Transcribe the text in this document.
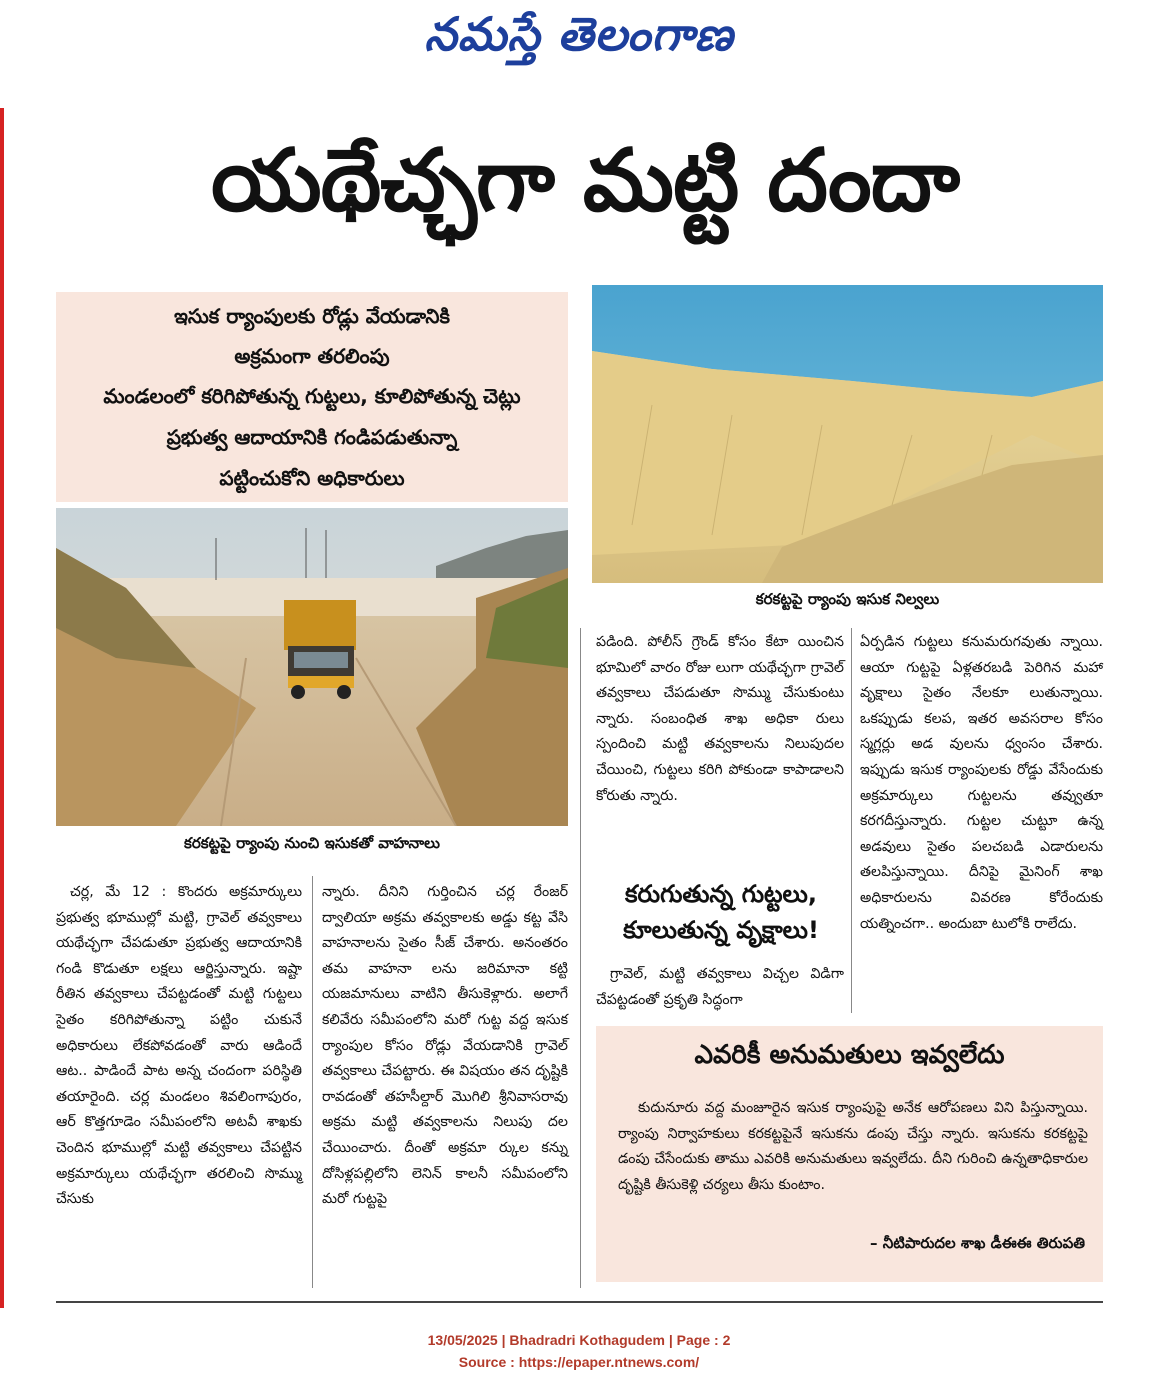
నమస్తే తెలంగాణ
యథేచ్ఛగా మట్టి దందా
ఇసుక ర్యాంపులకు రోడ్లు వేయడానికి
అక్రమంగా తరలింపు
మండలంలో కరిగిపోతున్న గుట్టలు, కూలిపోతున్న చెట్లు
ప్రభుత్వ ఆదాయానికి గండిపడుతున్నా
పట్టించుకోని అధికారులు
కరకట్టపై ర్యాంపు నుంచి ఇసుకతో వాహనాలు
కరకట్టపై ర్యాంపు ఇసుక నిల్వలు

చర్ల, మే 12 : కొందరు అక్రమార్కులు ప్రభుత్వ భూముల్లో మట్టి, గ్రావెల్ తవ్వకాలు యథేచ్ఛగా చేపడుతూ ప్రభుత్వ ఆదాయానికి గండి కొడుతూ లక్షలు ఆర్జిస్తున్నారు. ఇష్టా రీతిన తవ్వకాలు చేపట్టడంతో మట్టి గుట్టలు సైతం కరిగిపోతున్నా పట్టిం చుకునే అధికారులు లేకపోవడంతో వారు ఆడిందే ఆట.. పాడిందే పాట అన్న చందంగా పరిస్థితి తయారైంది. చర్ల మండలం శివలింగాపురం, ఆర్ కొత్తగూడెం సమీపంలోని అటవీ శాఖకు చెందిన భూముల్లో మట్టి తవ్వకాలు చేపట్టిన అక్రమార్కులు యథేచ్ఛగా తరలించి సొమ్ము చేసుకు

న్నారు. దీనిని గుర్తించిన చర్ల రేంజర్ ద్వాలియా అక్రమ తవ్వకాలకు అడ్డు కట్ట వేసి వాహనాలను సైతం సీజ్ చేశారు. అనంతరం తమ వాహనా లను జరిమానా కట్టి యజమానులు వాటిని తీసుకెళ్లారు. అలాగే కలివేరు సమీపంలోని మరో గుట్ట వద్ద ఇసుక ర్యాంపుల కోసం రోడ్లు వేయడానికి గ్రావెల్ తవ్వకాలు చేపట్టారు. ఈ విషయం తన దృష్టికి రావడంతో తహసీల్దార్ మొగిలి శ్రీనివాసరావు అక్రమ మట్టి తవ్వకాలను నిలుపు దల చేయించారు. దీంతో అక్రమా ర్కుల కన్ను దోసిళ్లపల్లిలోని లెనిన్ కాలనీ సమీపంలోని మరో గుట్టపై

పడింది. పోలీస్ గ్రౌండ్ కోసం కేటా యించిన భూమిలో వారం రోజు లుగా యథేచ్ఛగా గ్రావెల్ తవ్వకాలు చేపడుతూ సొమ్ము చేసుకుంటు న్నారు. సంబంధిత శాఖ అధికా రులు స్పందించి మట్టి తవ్వకాలను నిలుపుదల చేయించి, గుట్టలు కరిగి పోకుండా కాపాడాలని కోరుతు న్నారు.

కరుగుతున్న గుట్టలు, కూలుతున్న వృక్షాలు!

గ్రావెల్, మట్టి తవ్వకాలు విచ్చల విడిగా చేపట్టడంతో ప్రకృతి సిద్ధంగా

ఏర్పడిన గుట్టలు కనుమరుగవుతు న్నాయి. ఆయా గుట్టపై ఏళ్లతరబడి పెరిగిన మహా వృక్షాలు సైతం నేలకూ లుతున్నాయి. ఒకప్పుడు కలప, ఇతర అవసరాల కోసం స్మగ్లర్లు అడ వులను ధ్వంసం చేశారు. ఇప్పుడు ఇసుక ర్యాంపులకు రోడ్డు వేసేందుకు అక్రమార్కులు గుట్టలను తవ్వుతూ కరగదీస్తున్నారు. గుట్టల చుట్టూ ఉన్న అడవులు సైతం పలచబడి ఎడారులను తలపిస్తున్నాయి. దీనిపై మైనింగ్ శాఖ అధికారులను వివరణ కోరేందుకు యత్నించగా.. అందుబా టులోకి రాలేదు.

ఎవరికీ అనుమతులు ఇవ్వలేదు
కుదునూరు వద్ద మంజూరైన ఇసుక ర్యాంపుపై అనేక ఆరోపణలు విని పిస్తున్నాయి. ర్యాంపు నిర్వాహకులు కరకట్టపైనే ఇసుకను డంపు చేస్తు న్నారు. ఇసుకను కరకట్టపై డంపు చేసేందుకు తాము ఎవరికి అనుమతులు ఇవ్వలేదు. దీని గురించి ఉన్నతాధికారుల దృష్టికి తీసుకెళ్లి చర్యలు తీసు కుంటాం.
– నీటిపారుదల శాఖ డీఈఈ తిరుపతి
13/05/2025 | Bhadradri Kothagudem | Page : 2
Source : https://epaper.ntnews.com/
